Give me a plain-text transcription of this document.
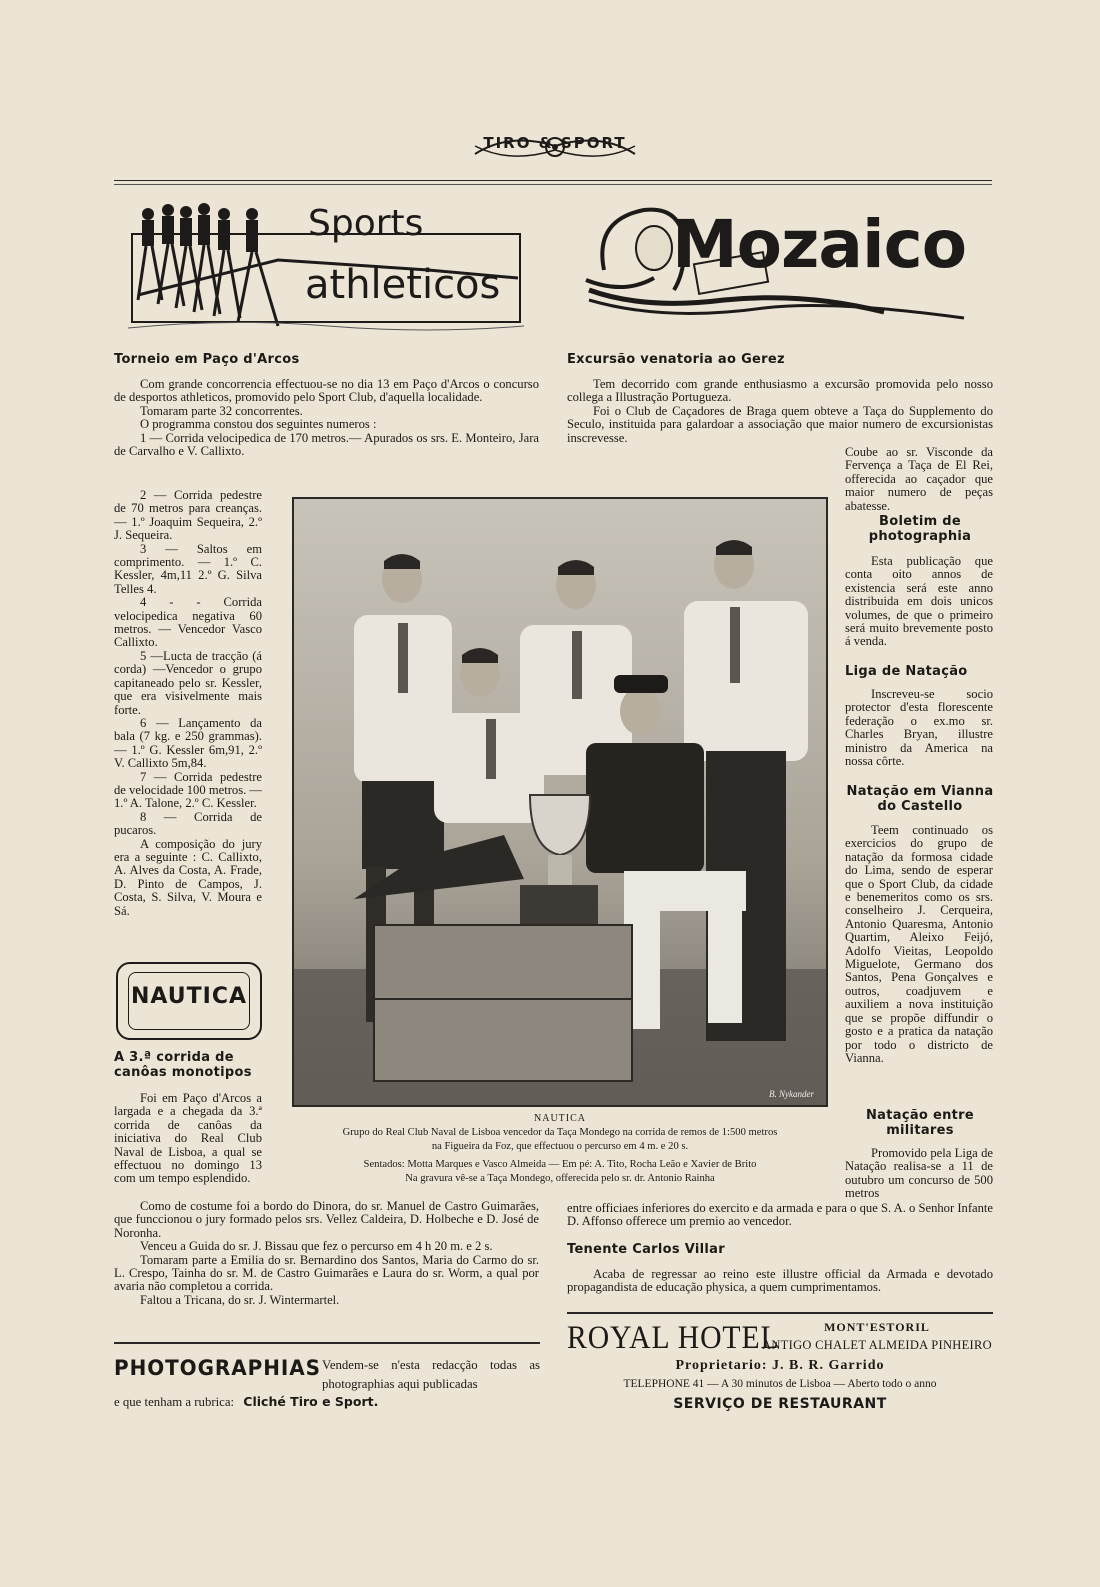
TIRO & SPORT
Sports
athleticos
Mozaico
Torneio em Paço d'Arcos

Com grande concorrencia effectuou-se no dia 13 em Paço d'Arcos o concurso de desportos athleticos, promovido pelo Sport Club, d'aquella localidade.

Tomaram parte 32 concorrentes.

O programma constou dos seguintes numeros :

1 — Corrida velocipedica de 170 metros.— Apurados os srs. E. Monteiro, Jara de Carvalho e V. Callixto.

2 — Corrida pedestre de 70 metros para creanças. — 1.º Joaquim Sequeira, 2.º J. Sequeira.

3 — Saltos em comprimento. — 1.º C. Kessler, 4m,11 2.º G. Silva Telles 4.

4 - - Corrida velocipedica negativa 60 metros. — Vencedor Vasco Callixto.

5 —Lucta de tracção (á corda) —Vencedor o grupo capitaneado pelo sr. Kessler, que era visivelmente mais forte.

6 — Lançamento da bala (7 kg. e 250 grammas). — 1.º G. Kessler 6m,91, 2.º V. Callixto 5m,84.

7 — Corrida pedestre de velocidade 100 metros. — 1.º A. Talone, 2.º C. Kessler.

8 — Corrida de pucaros.

A composição do jury era a seguinte : C. Callixto, A. Alves da Costa, A. Frade, D. Pinto de Campos, J. Costa, S. Silva, V. Moura e Sá.

NAUTICA
A 3.ª corrida de canôas monotipos

Foi em Paço d'Arcos a largada e a chegada da 3.ª corrida de canôas da iniciativa do Real Club Naval de Lisboa, a qual se effectuou no domingo 13 com um tempo esplendido.

Como de costume foi a bordo do Dinora, do sr. Manuel de Castro Guimarães, que funccionou o jury formado pelos srs. Vellez Caldeira, D. Holbeche e D. José de Noronha.

Venceu a Guida do sr. J. Bissau que fez o percurso em 4 h 20 m. e 2 s.

Tomaram parte a Emilia do sr. Bernardino dos Santos, Maria do Carmo do sr. L. Crespo, Tainha do sr. M. de Castro Guimarães e Laura do sr. Worm, a qual por avaria não completou a corrida.

Faltou a Tricana, do sr. J. Wintermartel.

B. Nykander
NAUTICA
Grupo do Real Club Naval de Lisboa vencedor da Taça Mondego na corrida de remos de 1:500 metros
na Figueira da Foz, que effectuou o percurso em 4 m. e 20 s.
Sentados: Motta Marques e Vasco Almeida — Em pé: A. Tito, Rocha Leão e Xavier de Brito
Na gravura vê-se a Taça Mondego, offerecida pelo sr. dr. Antonio Rainha
Excursão venatoria ao Gerez

Tem decorrido com grande enthusiasmo a excursão promovida pelo nosso collega a Illustração Portugueza.

Foi o Club de Caçadores de Braga quem obteve a Taça do Supplemento do Seculo, instituida para galardoar a associação que maior numero de excursionistas inscrevesse.

Coube ao sr. Visconde da Fervença a Taça de El Rei, offerecida ao caçador que maior numero de peças abatesse.
Boletim de photographia

Esta publicação que conta oito annos de existencia será este anno distribuida em dois unicos volumes, de que o primeiro será muito brevemente posto á venda.

Liga de Natação

Inscreveu-se socio protector d'esta florescente federação o ex.mo sr. Charles Bryan, illustre ministro da America na nossa côrte.

Natação em Vianna do Castello

Teem continuado os exercicios do grupo de natação da formosa cidade do Lima, sendo de esperar que o Sport Club, da cidade e benemeritos como os srs. conselheiro J. Cerqueira, Antonio Quaresma, Antonio Quartim, Aleixo Feijó, Adolfo Vieitas, Leopoldo Miguelote, Germano dos Santos, Pena Gonçalves e outros, coadjuvem e auxiliem a nova instituição que se propõe diffundir o gosto e a pratica da natação por todo o districto de Vianna.

Natação entre militares

Promovido pela Liga de Natação realisa-se a 11 de outubro um concurso de 500 metros

entre officiaes inferiores do exercito e da armada e para o que S. A. o Senhor Infante D. Affonso offerece um premio ao vencedor.

Tenente Carlos Villar

Acaba de regressar ao reino este illustre official da Armada e devotado propagandista de educação physica, a quem cumprimentamos.

PHOTOGRAPHIAS Vendem-se n'esta redacção todas as photographias aqui publicadas
e que tenham a rubrica: Cliché Tiro e Sport.
ROYAL HOTEL	MONT'ESTORIL
ANTIGO CHALET ALMEIDA PINHEIRO
Proprietario: J. B. R. Garrido
TELEPHONE 41 — A 30 minutos de Lisboa — Aberto todo o anno
SERVIÇO DE RESTAURANT
